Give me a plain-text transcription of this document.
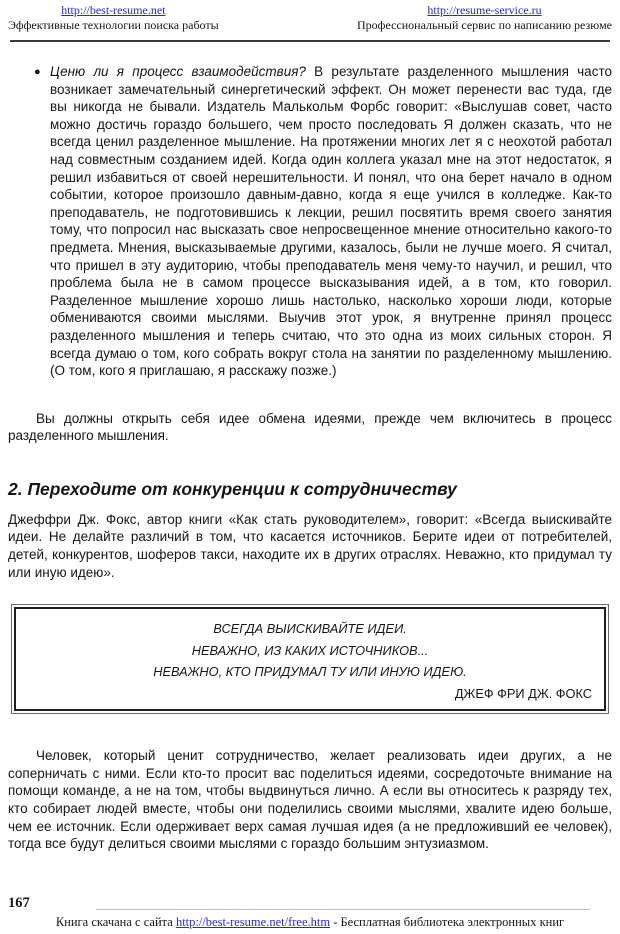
http://best-resume.net
Эффективные технологии поиска работы
http://resume-service.ru
Профессиональный сервис по написанию резюме
● Ценю ли я процесс взаимодействия? В результате разделенного мышления часто возникает замечательный синергетический эффект. Он может перенести вас туда, где вы никогда не бывали. Издатель Малькольм Форбс говорит: «Выслушав совет, часто можно достичь гораздо большего, чем просто последовать Я должен сказать, что не всегда ценил разделенное мышление. На протяжении многих лет я с неохотой работал над совместным созданием идей. Когда один коллега указал мне на этот недостаток, я решил избавиться от своей нерешительности. И понял, что она берет начало в одном событии, которое произошло давным-давно, когда я еще учился в колледже. Как-то преподаватель, не подготовившись к лекции, решил посвятить время своего занятия тому, что попросил нас высказать свое непросвещенное мнение относительно какого-то предмета. Мнения, высказываемые другими, казалось, были не лучше моего. Я считал, что пришел в эту аудиторию, чтобы преподаватель меня чему-то научил, и решил, что проблема была не в самом процессе высказывания идей, а в том, кто говорил. Разделенное мышление хорошо лишь настолько, насколько хороши люди, которые обмениваются своими мыслями. Выучив этот урок, я внутренне принял процесс разделенного мышления и теперь считаю, что это одна из моих сильных сторон. Я всегда думаю о том, кого собрать вокруг стола на занятии по разделенному мышлению. (О том, кого я приглашаю, я расскажу позже.)
Вы должны открыть себя идее обмена идеями, прежде чем включитесь в процесс разделенного мышления.
2. Переходите от конкуренции к сотрудничеству
Джеффри Дж. Фокс, автор книги «Как стать руководителем», говорит: «Всегда выискивайте идеи. Не делайте различий в том, что касается источников. Берите идеи от потребителей, детей, конкурентов, шоферов такси, находите их в других отраслях. Неважно, кто придумал ту или иную идею».
ВСЕГДА ВЫИСКИВАЙТЕ ИДЕИ.
НЕВАЖНО, ИЗ КАКИХ ИСТОЧНИКОВ...
НЕВАЖНО, КТО ПРИДУМАЛ ТУ ИЛИ ИНУЮ ИДЕЮ.
ДЖЕФ ФРИ ДЖ. ФОКС
Человек, который ценит сотрудничество, желает реализовать идеи других, а не соперничать с ними. Если кто-то просит вас поделиться идеями, сосредоточьте внимание на помощи команде, а не на том, чтобы выдвинуться лично. А если вы относитесь к разряду тех, кто собирает людей вместе, чтобы они поделились своими мыслями, хвалите идею больше, чем ее источник. Если одерживает верх самая лучшая идея (а не предложивший ее человек), тогда все будут делиться своими мыслями с гораздо большим энтузиазмом.
167
Книга скачана с сайта http://best-resume.net/free.htm - Бесплатная библиотека электронных книг
